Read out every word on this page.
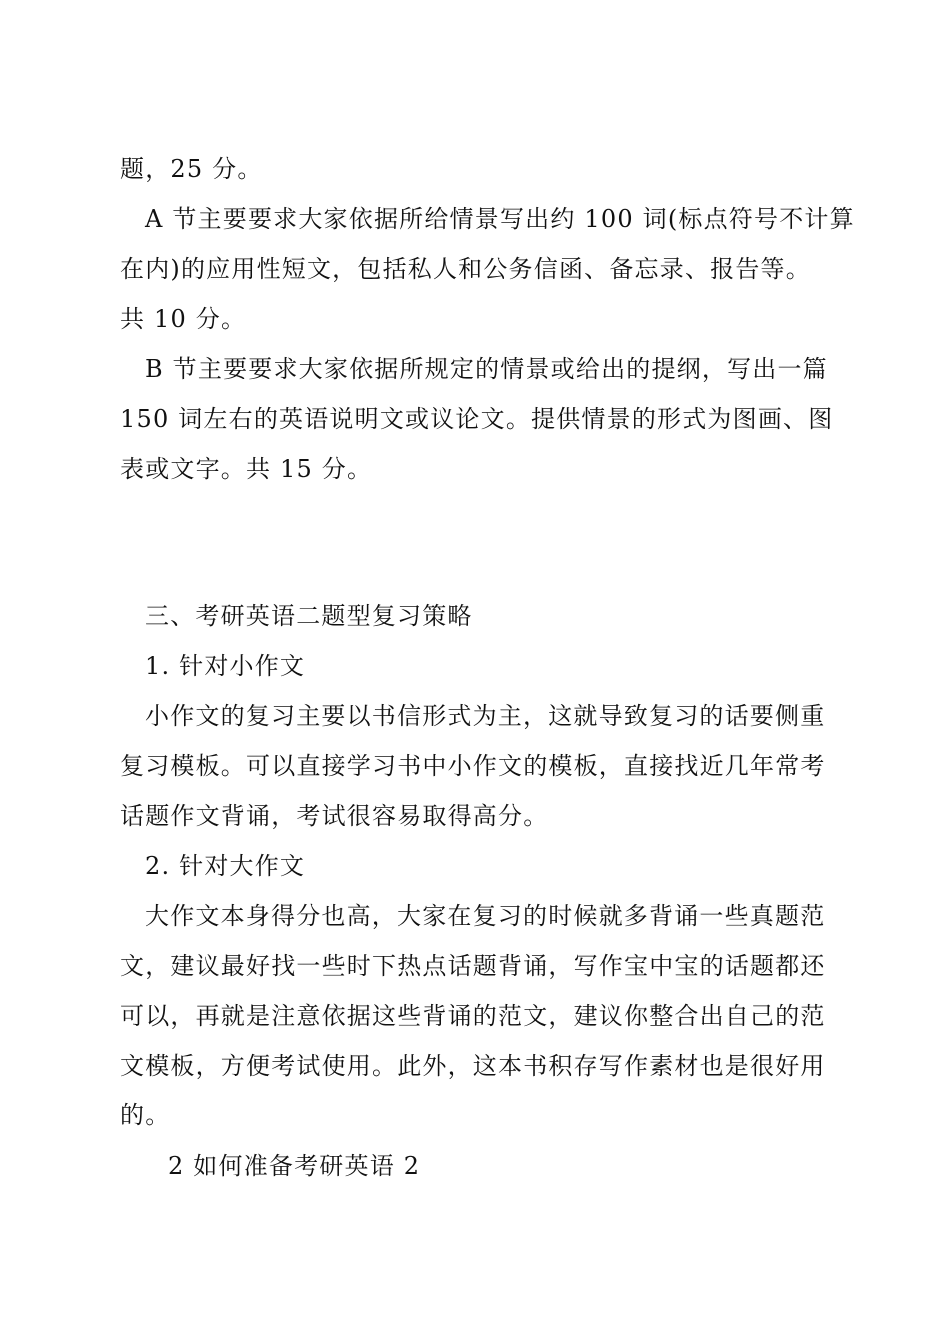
题，25 分。
A 节主要要求大家依据所给情景写出约 100 词(标点符号不计算
在内)的应用性短文，包括私人和公务信函、备忘录、报告等。
共 10 分。
B 节主要要求大家依据所规定的情景或给出的提纲，写出一篇
150 词左右的英语说明文或议论文。提供情景的形式为图画、图
表或文字。共 15 分。
三、考研英语二题型复习策略
1. 针对小作文
小作文的复习主要以书信形式为主，这就导致复习的话要侧重
复习模板。可以直接学习书中小作文的模板，直接找近几年常考
话题作文背诵，考试很容易取得高分。
2. 针对大作文
大作文本身得分也高，大家在复习的时候就多背诵一些真题范
文，建议最好找一些时下热点话题背诵，写作宝中宝的话题都还
可以，再就是注意依据这些背诵的范文，建议你整合出自己的范
文模板，方便考试使用。此外，这本书积存写作素材也是很好用
的。
2 如何准备考研英语 2
